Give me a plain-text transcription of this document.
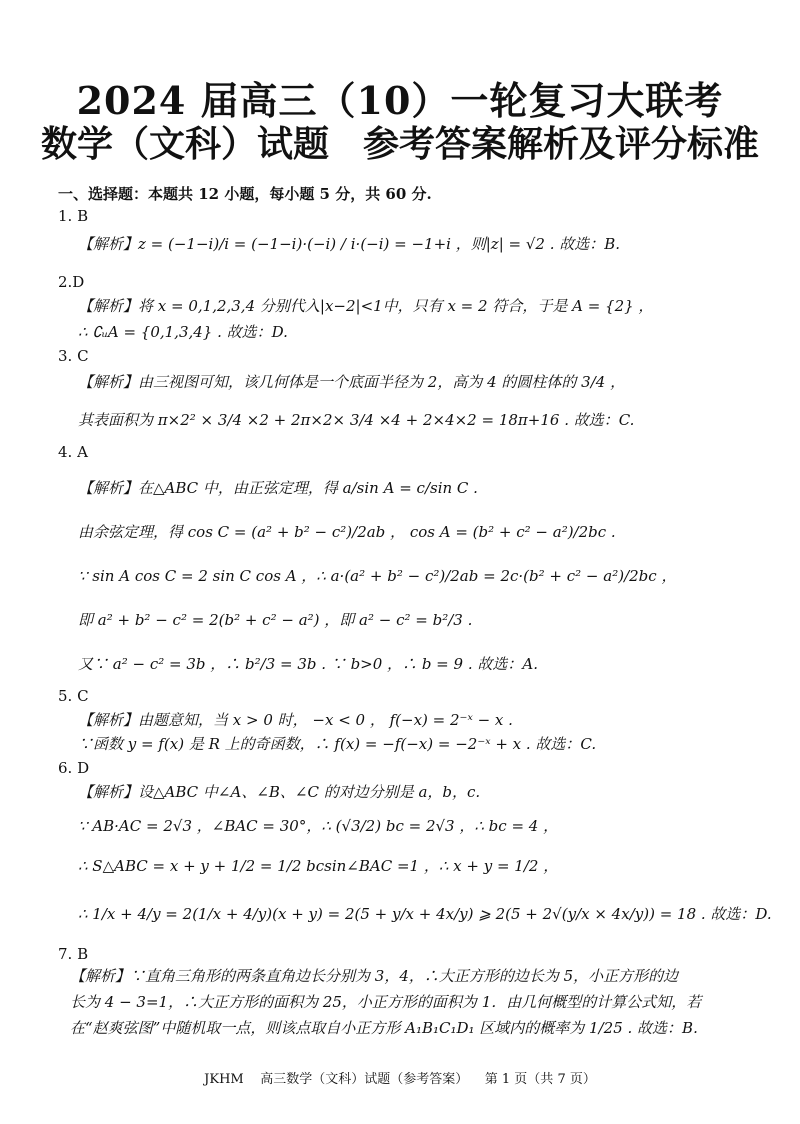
2024 届高三（10）一轮复习大联考
数学（文科）试题 参考答案解析及评分标准
一、选择题：本题共 12 小题，每小题 5 分，共 60 分.
1. B
【解析】z = (−1−i)/i = (−1−i)·(−i) / i·(−i) = −1+i ，则|z| = √2 . 故选：B.
2.D
【解析】将 x = 0,1,2,3,4 分别代入|x−2|<1中，只有 x = 2 符合，于是 A = {2} ，
∴ ∁ᵤA = {0,1,3,4} . 故选：D.
3. C
【解析】由三视图可知，该几何体是一个底面半径为 2，高为 4 的圆柱体的 3/4 ，
其表面积为 π×2² × 3/4 ×2 + 2π×2× 3/4 ×4 + 2×4×2 = 18π+16 . 故选：C.
4. A
【解析】在△ABC 中，由正弦定理，得 a/sin A = c/sin C .
由余弦定理，得 cos C = (a² + b² − c²)/2ab ， cos A = (b² + c² − a²)/2bc .
∵ sin A cos C = 2 sin C cos A ，∴ a·(a² + b² − c²)/2ab = 2c·(b² + c² − a²)/2bc ，
即 a² + b² − c² = 2(b² + c² − a²) ，即 a² − c² = b²/3 .
又∵ a² − c² = 3b ，∴ b²/3 = 3b . ∵ b>0 ，∴ b = 9 . 故选：A.
5. C
【解析】由题意知，当 x > 0 时， −x < 0 ， f(−x) = 2⁻ˣ − x .
∵函数 y = f(x) 是 R 上的奇函数，∴ f(x) = −f(−x) = −2⁻ˣ + x . 故选：C.
6. D
【解析】设△ABC 中∠A、∠B、∠C 的对边分别是 a，b，c.
∵ AB·AC = 2√3 ，∠BAC = 30°，∴ (√3/2) bc = 2√3 ，∴ bc = 4 ，
∴ S△ABC = x + y + 1/2 = 1/2 bcsin∠BAC =1 ，∴ x + y = 1/2 ，
∴ 1/x + 4/y = 2(1/x + 4/y)(x + y) = 2(5 + y/x + 4x/y) ⩾ 2(5 + 2√(y/x × 4x/y)) = 18 . 故选：D.
7. B
【解析】∵直角三角形的两条直角边长分别为 3，4，∴大正方形的边长为 5，小正方形的边
长为 4 − 3=1，∴大正方形的面积为 25，小正方形的面积为 1．由几何概型的计算公式知，若
在“赵爽弦图”中随机取一点，则该点取自小正方形 A₁B₁C₁D₁ 区域内的概率为 1/25 . 故选：B.
JKHM    高三数学（文科）试题（参考答案）    第 1 页（共 7 页）
